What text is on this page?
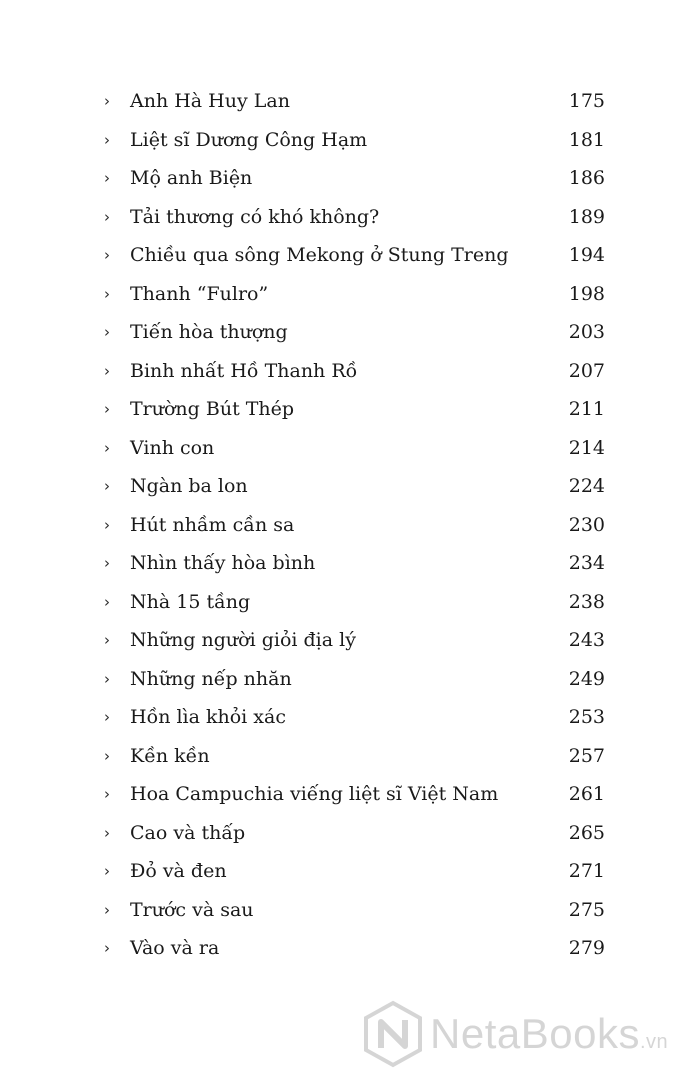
› Anh Hà Huy Lan	175
› Liệt sĩ Dương Công Hạm	181
› Mộ anh Biện	186
› Tải thương có khó không?	189
› Chiều qua sông Mekong ở Stung Treng	194
› Thanh “Fulro”	198
› Tiến hòa thượng	203
› Binh nhất Hồ Thanh Rồ	207
› Trường Bút Thép	211
› Vinh con	214
› Ngàn ba lon	224
› Hút nhầm cần sa	230
› Nhìn thấy hòa bình	234
› Nhà 15 tầng	238
› Những người giỏi địa lý	243
› Những nếp nhăn	249
› Hồn lìa khỏi xác	253
› Kền kền	257
› Hoa Campuchia viếng liệt sĩ Việt Nam	261
› Cao và thấp	265
› Đỏ và đen	271
› Trước và sau	275
› Vào và ra	279
NetaBooks.vn
